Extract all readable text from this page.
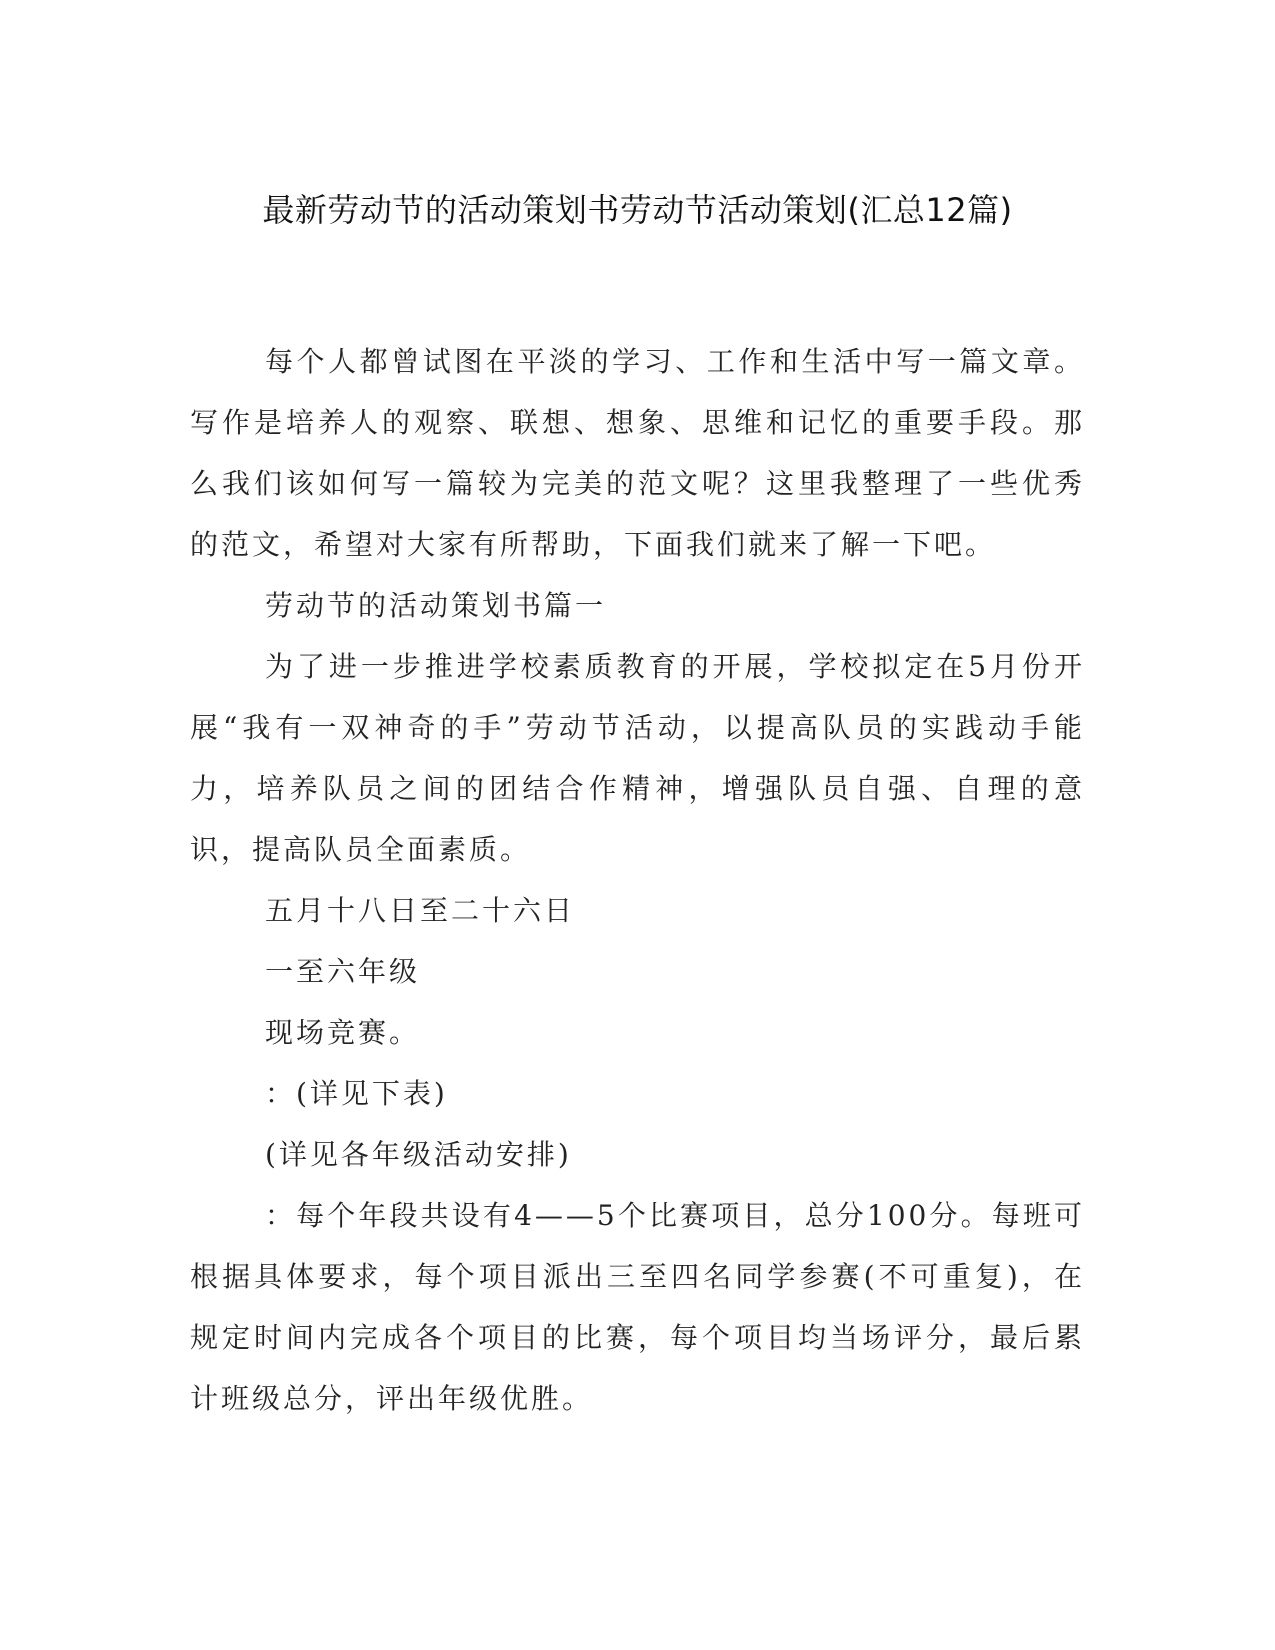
最新劳动节的活动策划书劳动节活动策划(汇总12篇)

每个人都曾试图在平淡的学习、工作和生活中写一篇文章。写作是培养人的观察、联想、想象、思维和记忆的重要手段。那么我们该如何写一篇较为完美的范文呢？这里我整理了一些优秀的范文，希望对大家有所帮助，下面我们就来了解一下吧。

劳动节的活动策划书篇一

为了进一步推进学校素质教育的开展，学校拟定在5月份开展“我有一双神奇的手”劳动节活动，以提高队员的实践动手能力，培养队员之间的团结合作精神，增强队员自强、自理的意识，提高队员全面素质。

五月十八日至二十六日

一至六年级

现场竞赛。

：(详见下表)

(详见各年级活动安排)

：每个年段共设有4——5个比赛项目，总分100分。每班可根据具体要求，每个项目派出三至四名同学参赛(不可重复)，在规定时间内完成各个项目的比赛，每个项目均当场评分，最后累计班级总分，评出年级优胜。
